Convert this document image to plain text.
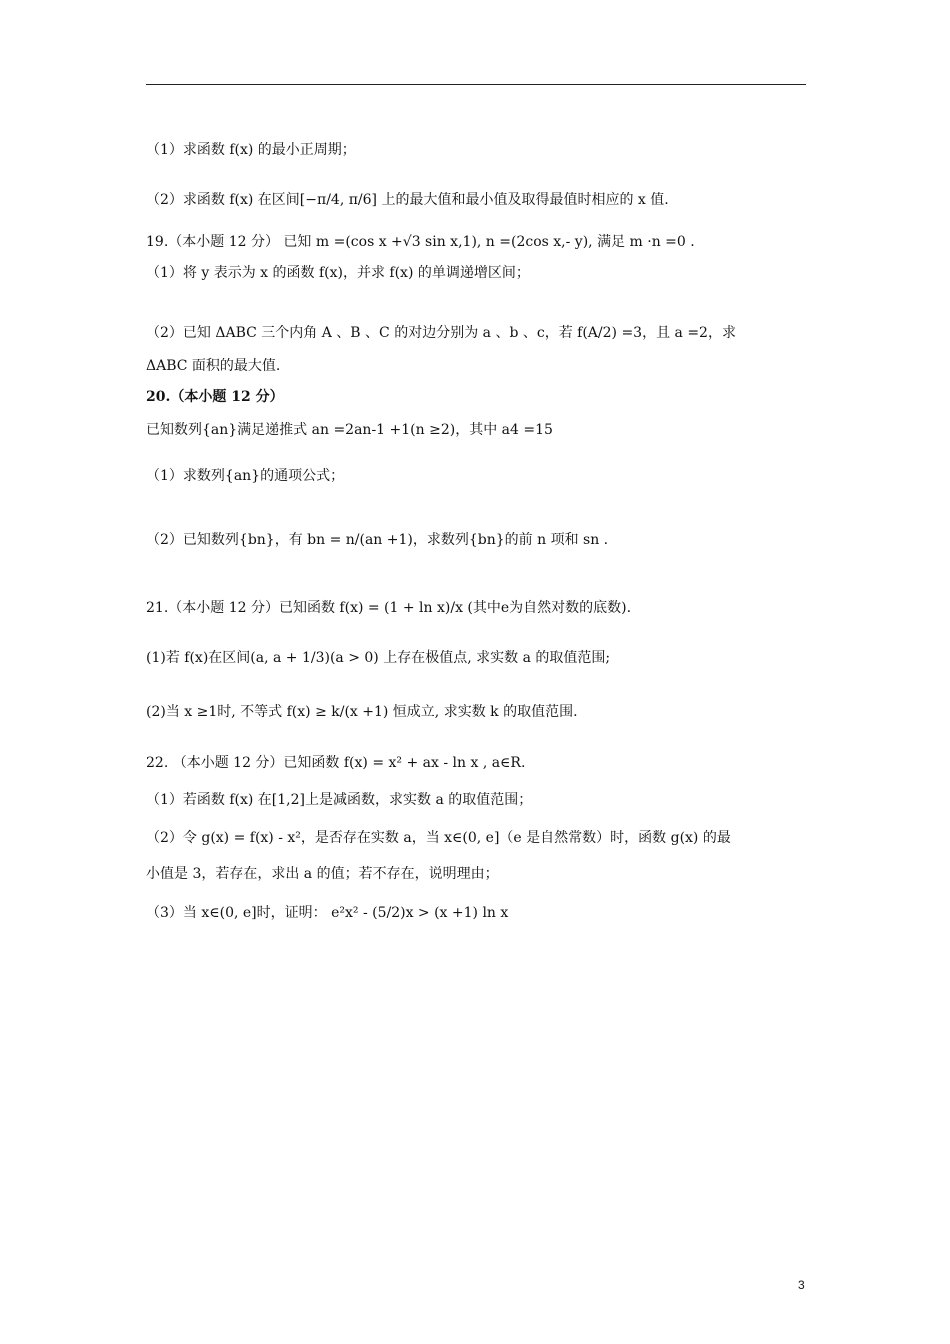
（1）求函数 f(x) 的最小正周期；
（2）求函数 f(x) 在区间[−π/4, π/6] 上的最大值和最小值及取得最值时相应的 x 值.
19.（本小题 12 分） 已知 m =(cos x +√3 sin x,1), n =(2cos x,- y), 满足 m ·n =0 .
（1）将 y 表示为 x 的函数 f(x)，并求 f(x) 的单调递增区间；
（2）已知 ΔABC 三个内角 A 、B 、C 的对边分别为 a 、b 、c，若 f(A/2) =3，且 a =2，求
ΔABC 面积的最大值.
20.（本小题 12 分）
已知数列{an}满足递推式 an =2an-1 +1(n ≥2)，其中 a4 =15
（1）求数列{an}的通项公式；
（2）已知数列{bn}，有 bn = n/(an +1)，求数列{bn}的前 n 项和 sn .
21.（本小题 12 分）已知函数 f(x) = (1 + ln x)/x (其中e为自然对数的底数).
(1)若 f(x)在区间(a, a + 1/3)(a > 0) 上存在极值点, 求实数 a 的取值范围;
(2)当 x ≥1时, 不等式 f(x) ≥ k/(x +1) 恒成立, 求实数 k 的取值范围.
22. （本小题 12 分）已知函数 f(x) = x² + ax - ln x , a∈R.
（1）若函数 f(x) 在[1,2]上是减函数，求实数 a 的取值范围；
（2）令 g(x) = f(x) - x²，是否存在实数 a，当 x∈(0, e]（e 是自然常数）时，函数 g(x) 的最
小值是 3，若存在，求出 a 的值；若不存在，说明理由；
（3）当 x∈(0, e]时，证明： e²x² - (5/2)x > (x +1) ln x
3
